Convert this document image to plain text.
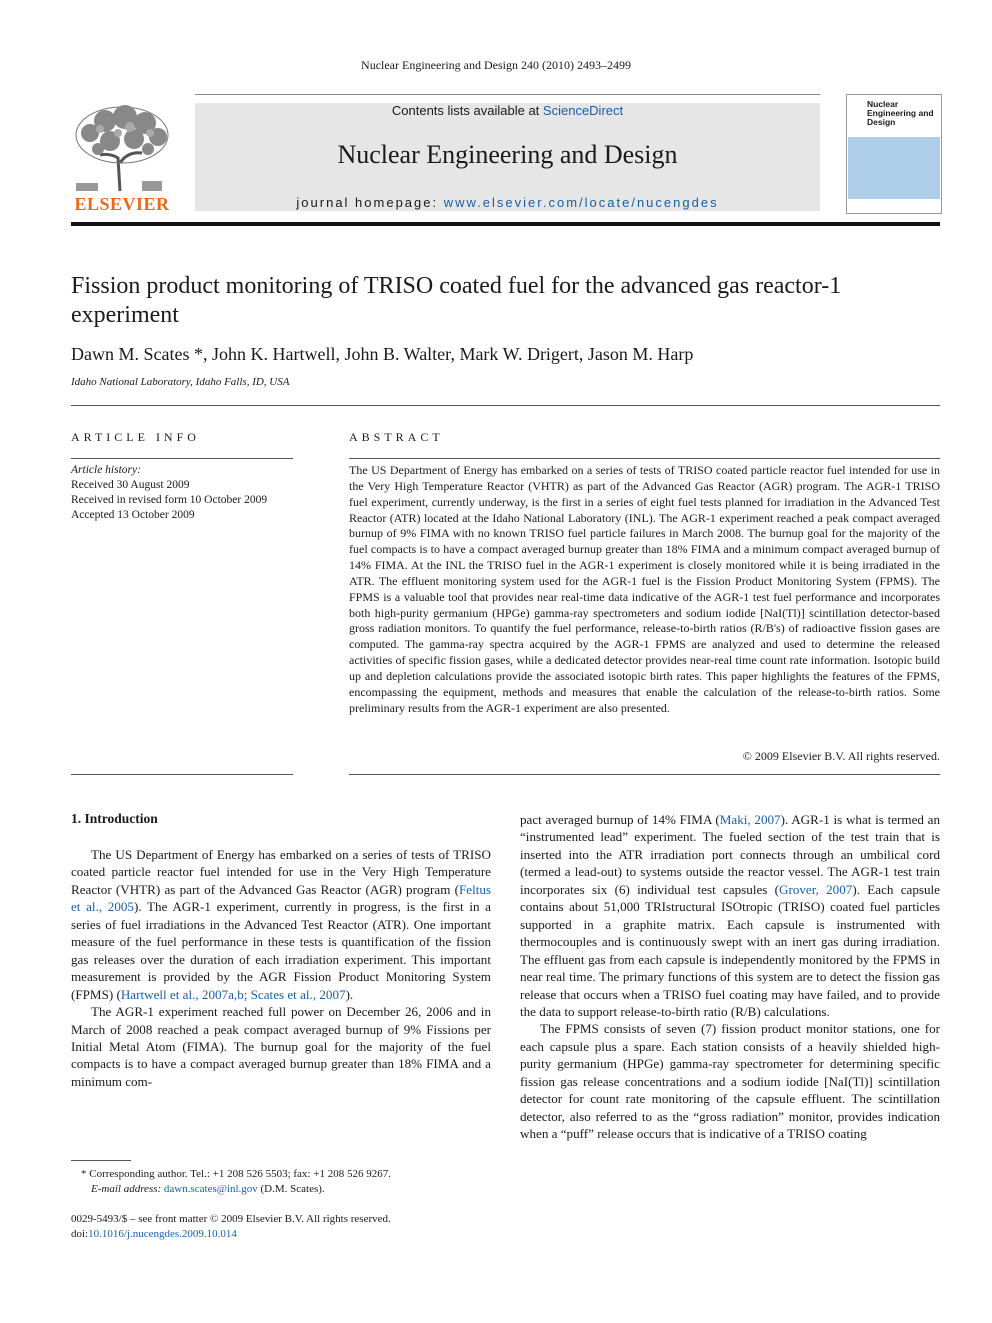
Nuclear Engineering and Design 240 (2010) 2493–2499
ELSEVIER
Contents lists available at ScienceDirect
Nuclear Engineering and Design
journal homepage: www.elsevier.com/locate/nucengdes
Nuclear Engineering and Design
Fission product monitoring of TRISO coated fuel for the advanced gas reactor-1 experiment
Dawn M. Scates *, John K. Hartwell, John B. Walter, Mark W. Drigert, Jason M. Harp
Idaho National Laboratory, Idaho Falls, ID, USA
ARTICLE INFO
Article history:
Received 30 August 2009
Received in revised form 10 October 2009
Accepted 13 October 2009
ABSTRACT
The US Department of Energy has embarked on a series of tests of TRISO coated particle reactor fuel intended for use in the Very High Temperature Reactor (VHTR) as part of the Advanced Gas Reactor (AGR) program. The AGR-1 TRISO fuel experiment, currently underway, is the first in a series of eight fuel tests planned for irradiation in the Advanced Test Reactor (ATR) located at the Idaho National Laboratory (INL). The AGR-1 experiment reached a peak compact averaged burnup of 9% FIMA with no known TRISO fuel particle failures in March 2008. The burnup goal for the majority of the fuel compacts is to have a compact averaged burnup greater than 18% FIMA and a minimum compact averaged burnup of 14% FIMA. At the INL the TRISO fuel in the AGR-1 experiment is closely monitored while it is being irradiated in the ATR. The effluent monitoring system used for the AGR-1 fuel is the Fission Product Monitoring System (FPMS). The FPMS is a valuable tool that provides near real-time data indicative of the AGR-1 test fuel performance and incorporates both high-purity germanium (HPGe) gamma-ray spectrometers and sodium iodide [NaI(Tl)] scintillation detector-based gross radiation monitors. To quantify the fuel performance, release-to-birth ratios (R/B's) of radioactive fission gases are computed. The gamma-ray spectra acquired by the AGR-1 FPMS are analyzed and used to determine the released activities of specific fission gases, while a dedicated detector provides near-real time count rate information. Isotopic build up and depletion calculations provide the associated isotopic birth rates. This paper highlights the features of the FPMS, encompassing the equipment, methods and measures that enable the calculation of the release-to-birth ratios. Some preliminary results from the AGR-1 experiment are also presented.
© 2009 Elsevier B.V. All rights reserved.
1. Introduction

The US Department of Energy has embarked on a series of tests of TRISO coated particle reactor fuel intended for use in the Very High Temperature Reactor (VHTR) as part of the Advanced Gas Reactor (AGR) program (Feltus et al., 2005). The AGR-1 experiment, currently in progress, is the first in a series of fuel irradiations in the Advanced Test Reactor (ATR). One important measure of the fuel performance in these tests is quantification of the fission gas releases over the duration of each irradiation experiment. This important measurement is provided by the AGR Fission Product Monitoring System (FPMS) (Hartwell et al., 2007a,b; Scates et al., 2007).

The AGR-1 experiment reached full power on December 26, 2006 and in March of 2008 reached a peak compact averaged burnup of 9% Fissions per Initial Metal Atom (FIMA). The burnup goal for the majority of the fuel compacts is to have a compact averaged burnup greater than 18% FIMA and a minimum com-

pact averaged burnup of 14% FIMA (Maki, 2007). AGR-1 is what is termed an “instrumented lead” experiment. The fueled section of the test train that is inserted into the ATR irradiation port connects through an umbilical cord (termed a lead-out) to systems outside the reactor vessel. The AGR-1 test train incorporates six (6) individual test capsules (Grover, 2007). Each capsule contains about 51,000 TRIstructural ISOtropic (TRISO) coated fuel particles supported in a graphite matrix. Each capsule is instrumented with thermocouples and is continuously swept with an inert gas during irradiation. The effluent gas from each capsule is independently monitored by the FPMS in near real time. The primary functions of this system are to detect the fission gas release that occurs when a TRISO fuel coating may have failed, and to provide the data to support release-to-birth ratio (R/B) calculations.

The FPMS consists of seven (7) fission product monitor stations, one for each capsule plus a spare. Each station consists of a heavily shielded high-purity germanium (HPGe) gamma-ray spectrometer for determining specific fission gas release concentrations and a sodium iodide [NaI(Tl)] scintillation detector for count rate monitoring of the capsule effluent. The scintillation detector, also referred to as the “gross radiation” monitor, provides indication when a “puff” release occurs that is indicative of a TRISO coating

* Corresponding author. Tel.: +1 208 526 5503; fax: +1 208 526 9267.
E-mail address: dawn.scates@inl.gov (D.M. Scates).
0029-5493/$ – see front matter © 2009 Elsevier B.V. All rights reserved.
doi:10.1016/j.nucengdes.2009.10.014
